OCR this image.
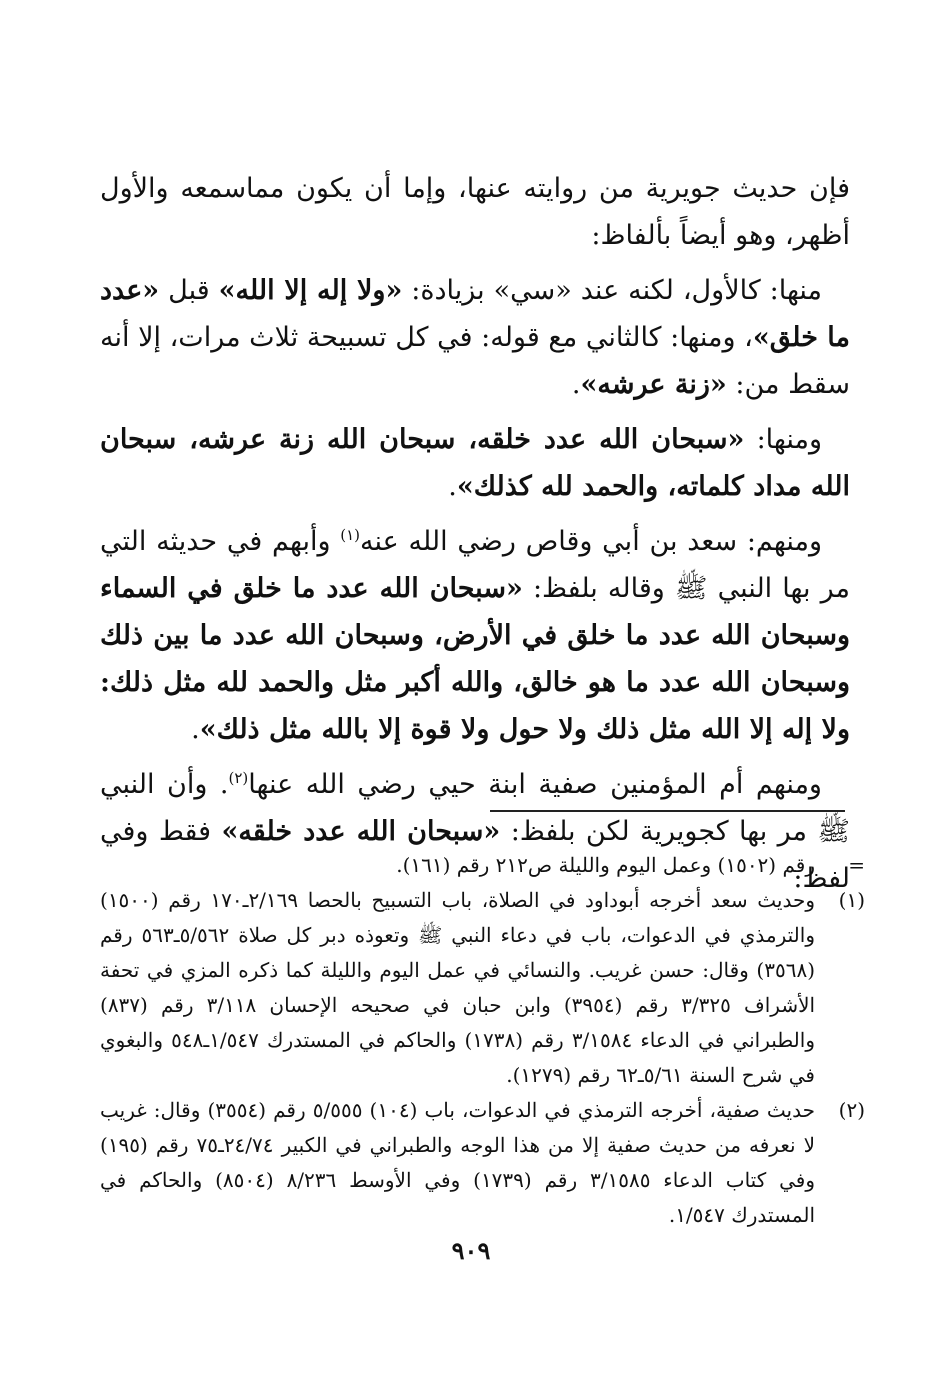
فإن حديث جويرية من روايته عنها، وإما أن يكون مماسمعه والأول أظهر، وهو أيضاً بألفاظ:

منها: كالأول، لكنه عند «سي» بزيادة: «ولا إله إلا الله» قبل «عدد ما خلق»، ومنها: كالثاني مع قوله: في كل تسبيحة ثلاث مرات، إلا أنه سقط من: «زنة عرشه».

ومنها: «سبحان الله عدد خلقه، سبحان الله زنة عرشه، سبحان الله مداد كلماته، والحمد لله كذلك».

ومنهم: سعد بن أبي وقاص رضي الله عنه$^{(١)}$ وأبهم في حديثه التي مر بها النبي ﷺ وقاله بلفظ: «سبحان الله عدد ما خلق في السماء وسبحان الله عدد ما خلق في الأرض، وسبحان الله عدد ما بين ذلك وسبحان الله عدد ما هو خالق، والله أكبر مثل والحمد لله مثل ذلك: ولا إله إلا الله مثل ذلك ولا حول ولا قوة إلا بالله مثل ذلك».

ومنهم أم المؤمنين صفية ابنة حيي رضي الله عنها$^{(٢)}$. وأن النبي ﷺ مر بها كجويرية لكن بلفظ: «سبحان الله عدد خلقه» فقط وفي لفظ:

=
رقم (١٥٠٢) وعمل اليوم والليلة ص٢١٢ رقم (١٦١).
(١)
وحديث سعد أخرجه أبوداود في الصلاة، باب التسبيح بالحصا ٢/١٦٩ـ١٧٠ رقم (١٥٠٠) والترمذي في الدعوات، باب في دعاء النبي ﷺ وتعوذه دبر كل صلاة ٥/٥٦٢ـ٥٦٣ رقم (٣٥٦٨) وقال: حسن غريب. والنسائي في عمل اليوم والليلة كما ذكره المزي في تحفة الأشراف ٣/٣٢٥ رقم (٣٩٥٤) وابن حبان في صحيحه الإحسان ٣/١١٨ رقم (٨٣٧) والطبراني في الدعاء ٣/١٥٨٤ رقم (١٧٣٨) والحاكم في المستدرك ١/٥٤٧ـ٥٤٨ والبغوي في شرح السنة ٥/٦١ـ٦٢ رقم (١٢٧٩).
(٢)
حديث صفية، أخرجه الترمذي في الدعوات، باب (١٠٤) ٥/٥٥٥ رقم (٣٥٥٤) وقال: غريب لا نعرفه من حديث صفية إلا من هذا الوجه والطبراني في الكبير ٢٤/٧٤ـ٧٥ رقم (١٩٥) وفي كتاب الدعاء ٣/١٥٨٥ رقم (١٧٣٩) وفي الأوسط ٨/٢٣٦ (٨٥٠٤) والحاكم في المستدرك ١/٥٤٧.
٩٠٩
